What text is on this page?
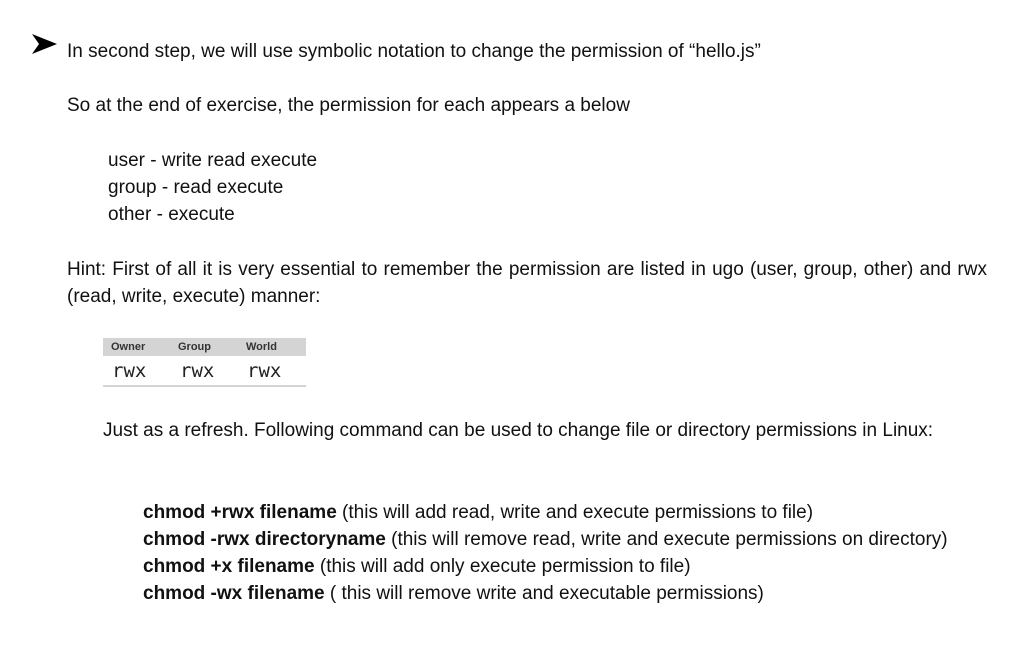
In second step, we will use symbolic notation to change the permission of “hello.js”
So at the end of exercise, the permission for each appears a below
user - write read execute
group - read execute
other - execute
Hint: First of all it is very essential to remember the permission are listed in ugo (user, group, other) and rwx (read, write, execute) manner:
Owner	Group	World
rwx rwx rwx
Just as a refresh. Following command can be used to change file or directory permissions in Linux:
chmod +rwx filename (this will add read, write and execute permissions to file)
chmod -rwx directoryname (this will remove read, write and execute permissions on directory)
chmod +x filename (this will add only execute permission to file)
chmod -wx filename ( this will remove write and executable permissions)
